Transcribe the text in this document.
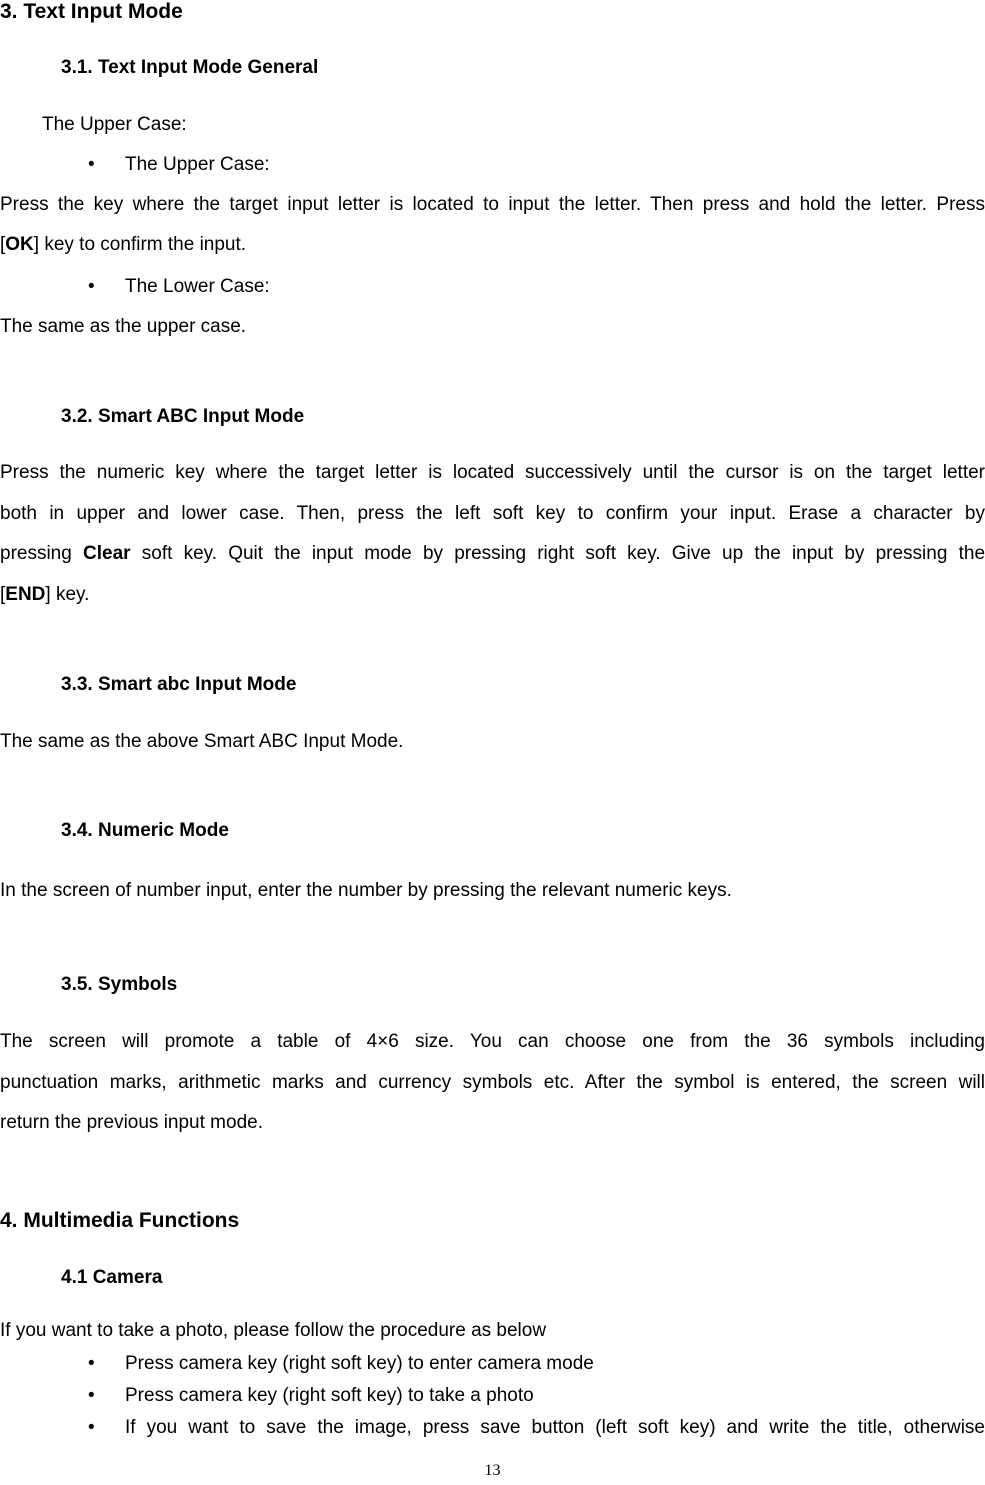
3. Text Input Mode
3.1. Text Input Mode General
The Upper Case:
• The Upper Case:
Press the key where the target input letter is located to input the letter. Then press and hold the letter. Press
[OK] key to confirm the input.
• The Lower Case:
The same as the upper case.
3.2. Smart ABC Input Mode
Press the numeric key where the target letter is located successively until the cursor is on the target letter
both in upper and lower case. Then, press the left soft key to confirm your input. Erase a character by
pressing Clear soft key. Quit the input mode by pressing right soft key. Give up the input by pressing the
[END] key.
3.3. Smart abc Input Mode
The same as the above Smart ABC Input Mode.
3.4. Numeric Mode
In the screen of number input, enter the number by pressing the relevant numeric keys.
3.5. Symbols
The screen will promote a table of 4×6 size. You can choose one from the 36 symbols including
punctuation marks, arithmetic marks and currency symbols etc. After the symbol is entered, the screen will
return the previous input mode.
4. Multimedia Functions
4.1 Camera
If you want to take a photo, please follow the procedure as below
• Press camera key (right soft key) to enter camera mode
• Press camera key (right soft key) to take a photo
• If you want to save the image, press save button (left soft key) and write the title, otherwise
13
